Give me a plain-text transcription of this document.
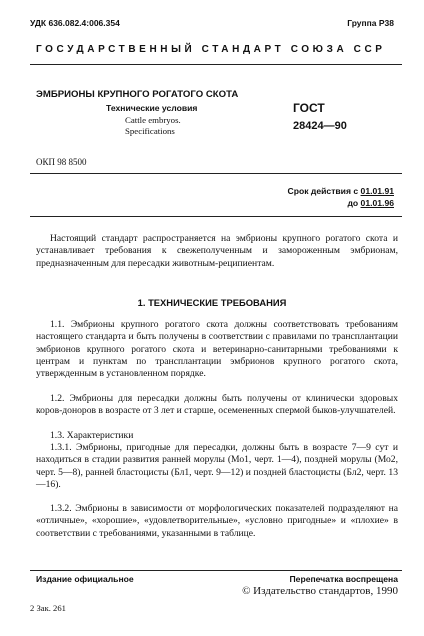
УДК 636.082.4:006.354	Группа Р38
ГОСУДАРСТВЕННЫЙ СТАНДАРТ СОЮЗА ССР
ЭМБРИОНЫ КРУПНОГО РОГАТОГО СКОТА
Технические условия
Cattle embryos.
Specifications
ГОСТ
28424—90
ОКП 98 8500
Срок действия с 01.01.91
до 01.01.96
Настоящий стандарт распространяется на эмбрионы крупного рогатого скота и устанавливает требования к свежеполученным и замороженным эмбрионам, предназначенным для пересадки животным-реципиентам.
1. ТЕХНИЧЕСКИЕ ТРЕБОВАНИЯ
1.1. Эмбрионы крупного рогатого скота должны соответствовать требованиям настоящего стандарта и быть получены в соответствии с правилами по трансплантации эмбрионов крупного рогатого скота и ветеринарно-санитарными требованиями к центрам и пунктам по трансплантации эмбрионов крупного рогатого скота, утвержденным в установленном порядке.
1.2. Эмбрионы для пересадки должны быть получены от клинически здоровых коров-доноров в возрасте от 3 лет и старше, осемененных спермой быков-улучшателей.
1.3. Характеристики
1.3.1. Эмбрионы, пригодные для пересадки, должны быть в возрасте 7—9 сут и находиться в стадии развития ранней морулы (Мо1, черт. 1—4), поздней морулы (Мо2, черт. 5—8), ранней бластоцисты (Бл1, черт. 9—12) и поздней бластоцисты (Бл2, черт. 13—16).
1.3.2. Эмбрионы в зависимости от морфологических показателей подразделяют на «отличные», «хорошие», «удовлетворительные», «условно пригодные» и «плохие» в соответствии с требованиями, указанными в таблице.
Издание официальное	Перепечатка воспрещена
© Издательство стандартов, 1990
2 Зак. 261
